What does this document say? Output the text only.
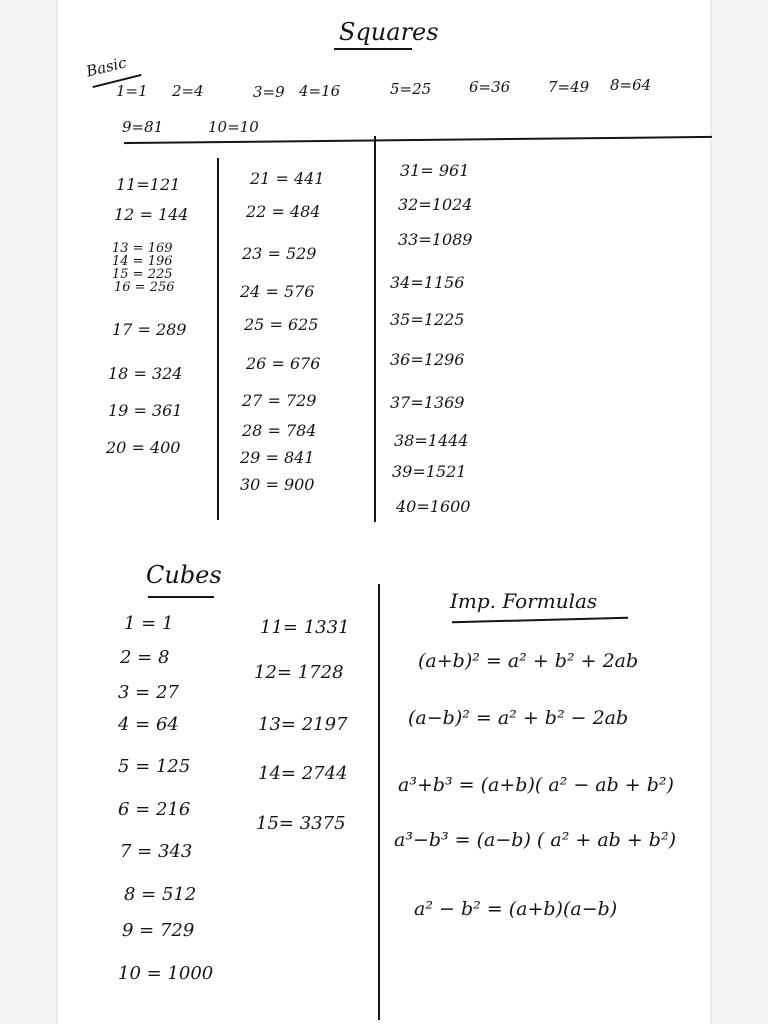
Squares
Basic
1=1 2=4	3=9 4=16	5=25	6=36	7=49 8=64
9=81	10=10
11=121
12 = 144
13 = 169
14 = 196
15 = 225
16 = 256
17 = 289
18 = 324
19 = 361
20 = 400
21 = 441
22 = 484
23 = 529
24 = 576
25 = 625
26 = 676
27 = 729
28 = 784
29 = 841
30 = 900
31= 961
32=1024
33=1089
34=1156
35=1225
36=1296
37=1369
38=1444
39=1521
40=1600
Cubes
1 = 1
2 = 8
3 = 27
4 = 64
5 = 125
6 = 216
7 = 343
8 = 512
9 = 729
10 = 1000
11= 1331
12= 1728
13= 2197
14= 2744
15= 3375
Imp. Formulas
(a+b)² = a² + b² + 2ab
(a−b)² = a² + b² − 2ab
a³+b³ = (a+b)( a² − ab + b²)
a³−b³ = (a−b) ( a² + ab + b²)
a² − b² = (a+b)(a−b)
